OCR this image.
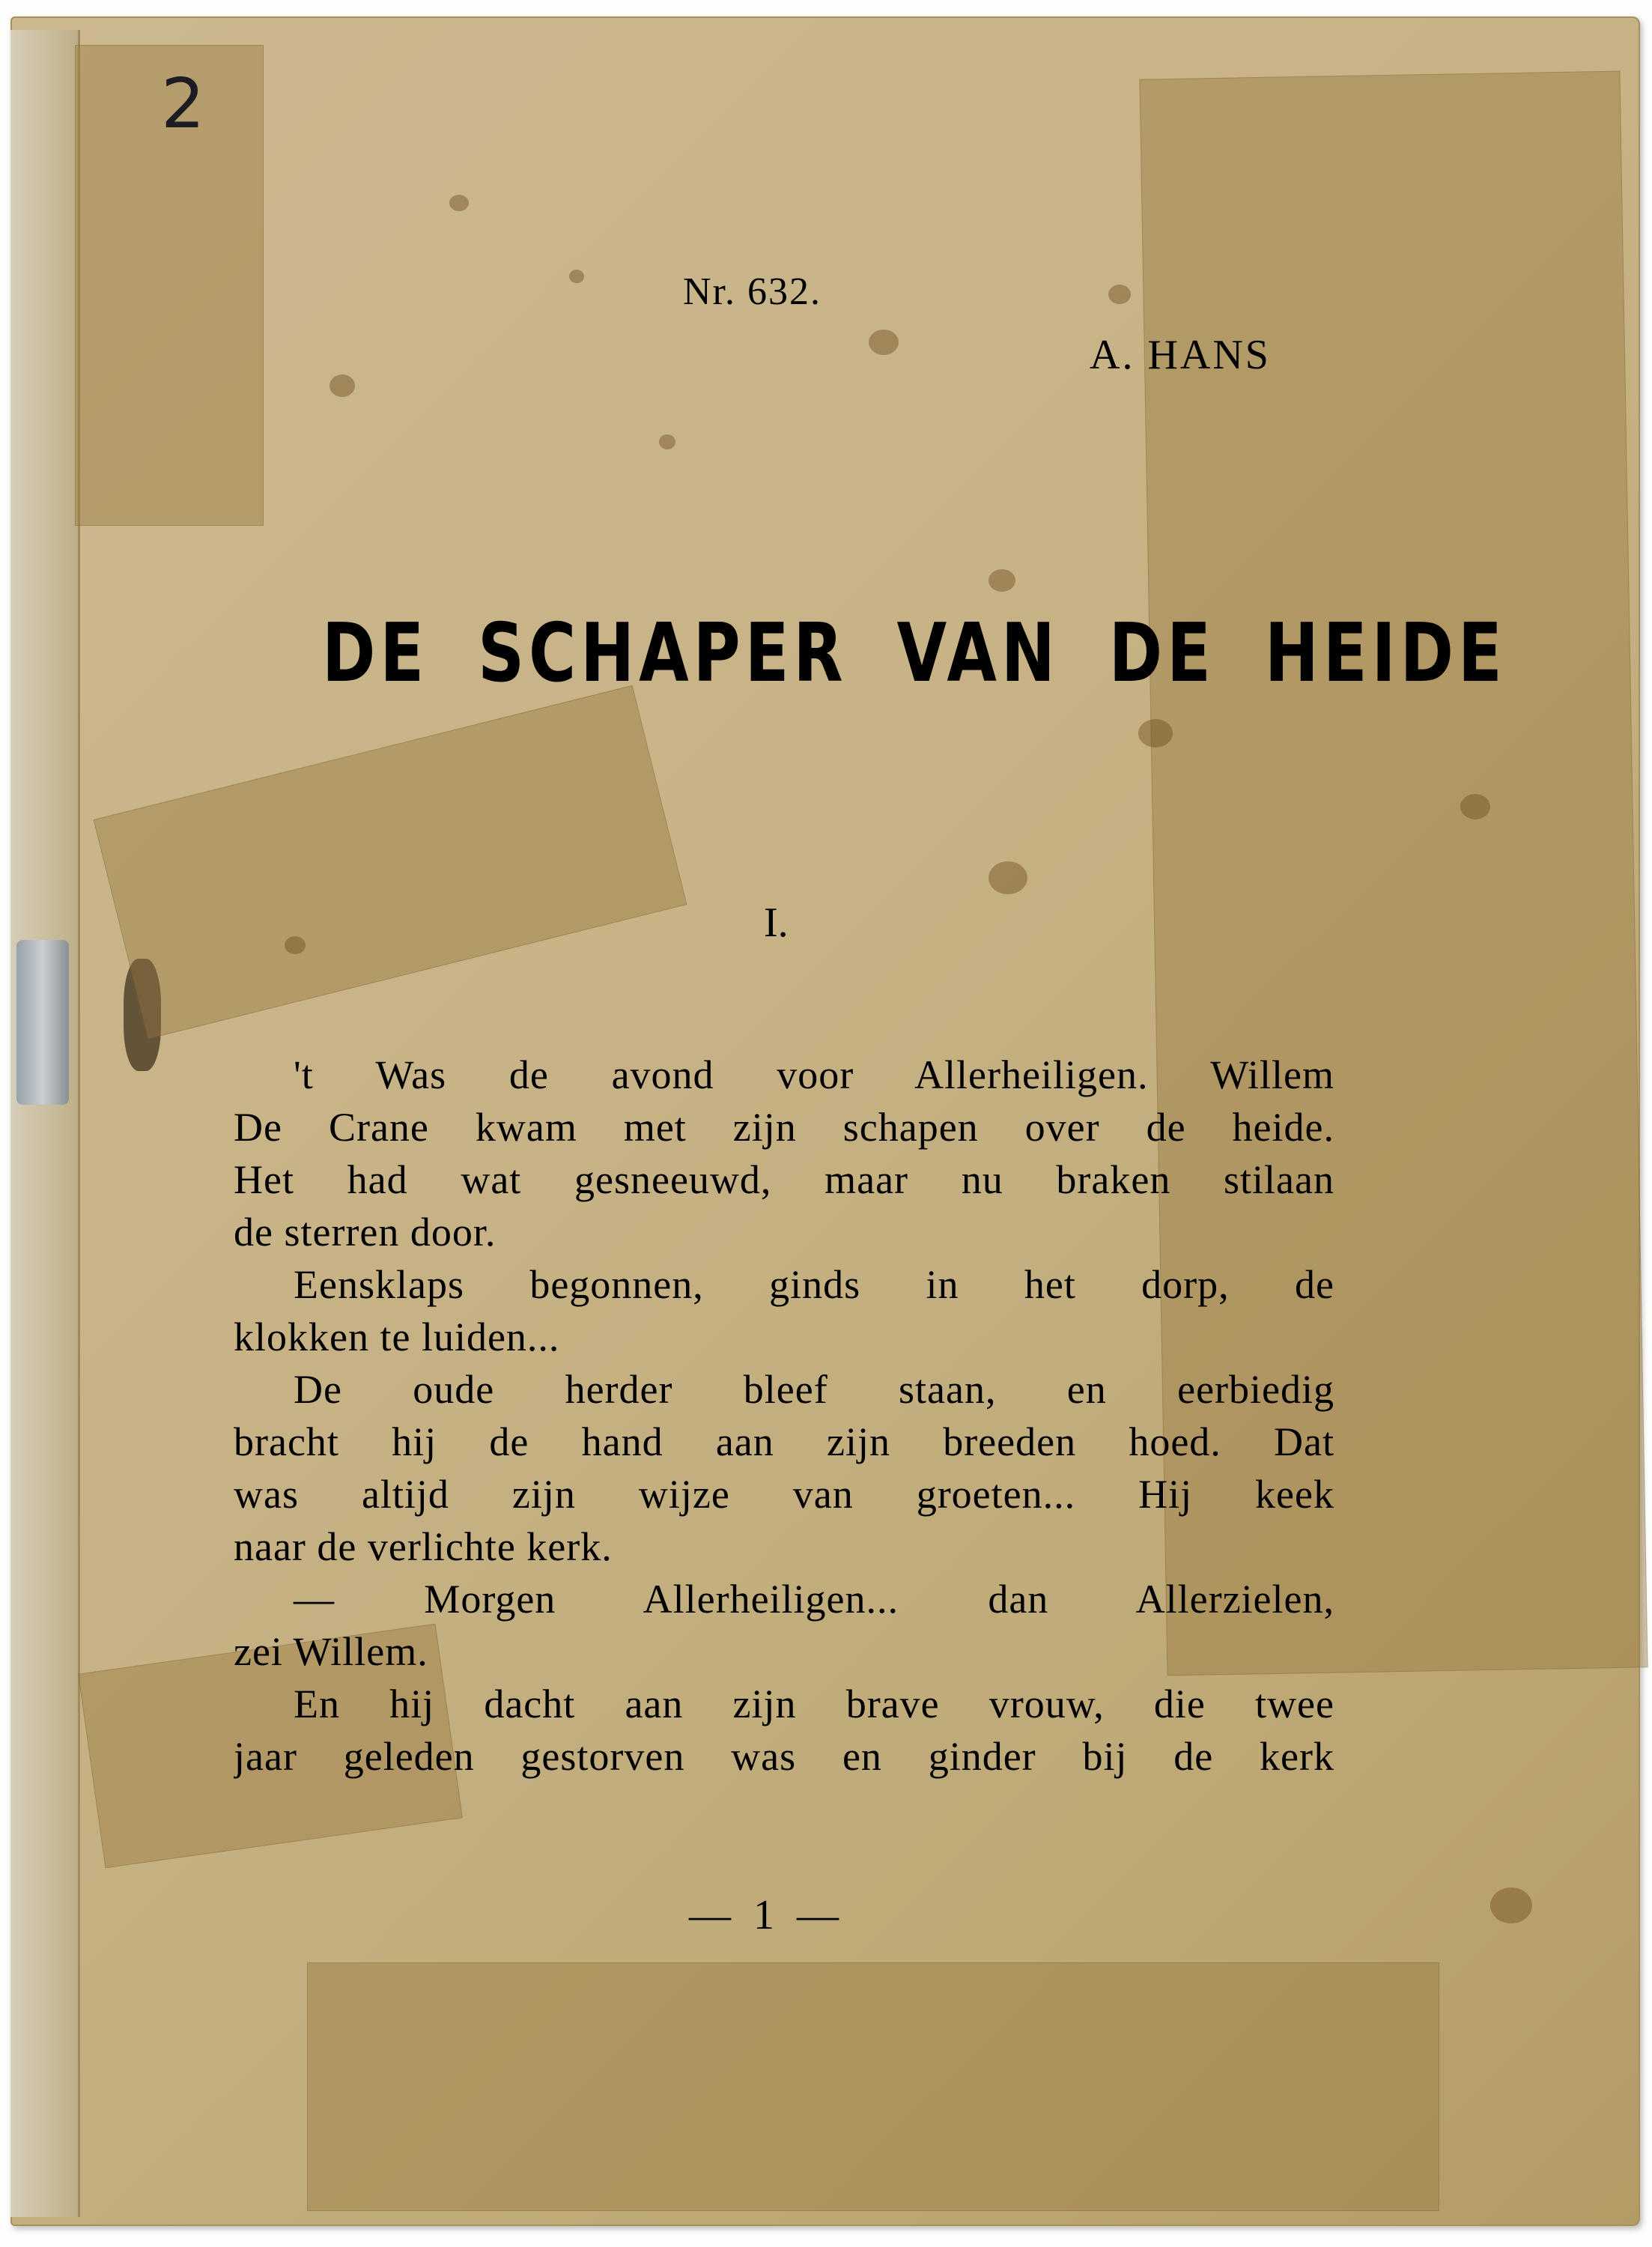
2
Nr. 632.
A. HANS
DE SCHAPER VAN DE HEIDE
I.
't Was de avond voor Allerheiligen. Willem
De Crane kwam met zijn schapen over de heide.
Het had wat gesneeuwd, maar nu braken stilaan
de sterren door.
Eensklaps begonnen, ginds in het dorp, de
klokken te luiden...
De oude herder bleef staan, en eerbiedig
bracht hij de hand aan zijn breeden hoed. Dat
was altijd zijn wijze van groeten... Hij keek
naar de verlichte kerk.
— Morgen Allerheiligen... dan Allerzielen,
zei Willem.
En hij dacht aan zijn brave vrouw, die twee
jaar geleden gestorven was en ginder bij de kerk
— 1 —
